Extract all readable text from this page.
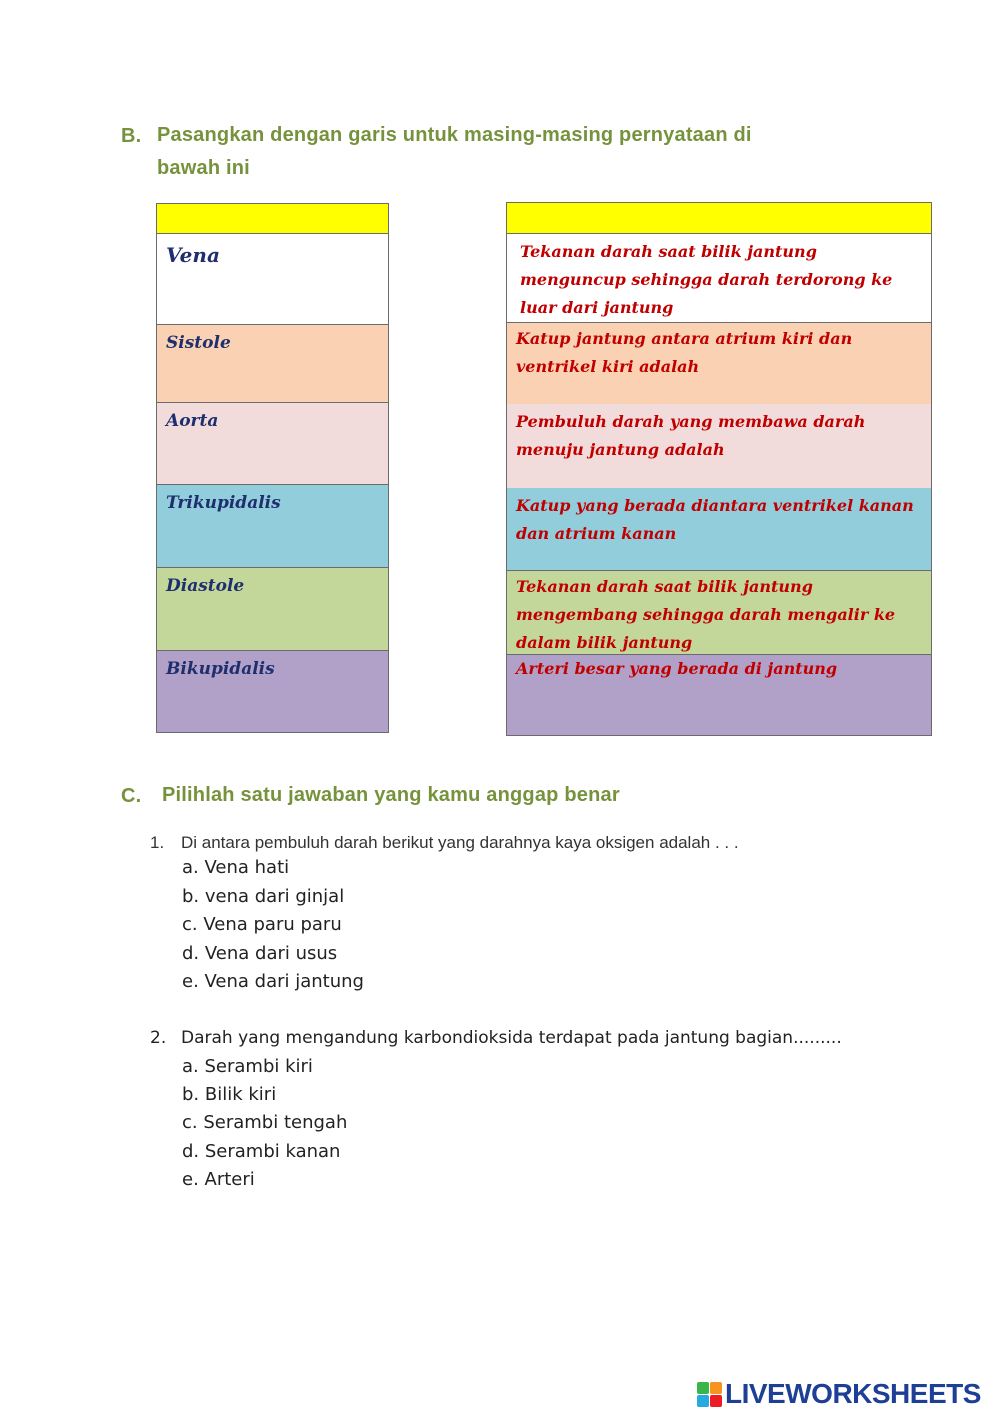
B. Pasangkan dengan garis untuk masing-masing pernyataan di
bawah ini
Vena
Sistole
Aorta
Trikupidalis
Diastole
Bikupidalis
Tekanan darah saat bilik jantung menguncup sehingga darah terdorong ke luar dari jantung
Katup jantung antara atrium kiri dan ventrikel kiri adalah
Pembuluh darah yang membawa darah menuju jantung adalah
Katup yang berada diantara ventrikel kanan dan atrium kanan
Tekanan darah saat bilik jantung mengembang sehingga darah mengalir ke dalam bilik jantung
Arteri besar yang berada di jantung
C. Pilihlah satu jawaban yang kamu anggap benar
1. Di antara pembuluh darah berikut yang darahnya kaya oksigen adalah . . .
a. Vena hati
b. vena dari ginjal
c. Vena paru paru
d. Vena dari usus
e. Vena dari jantung
2. Darah yang mengandung karbondioksida terdapat pada jantung bagian.........
a. Serambi kiri
b. Bilik kiri
c. Serambi tengah
d. Serambi kanan
e. Arteri
LIVEWORKSHEETS
